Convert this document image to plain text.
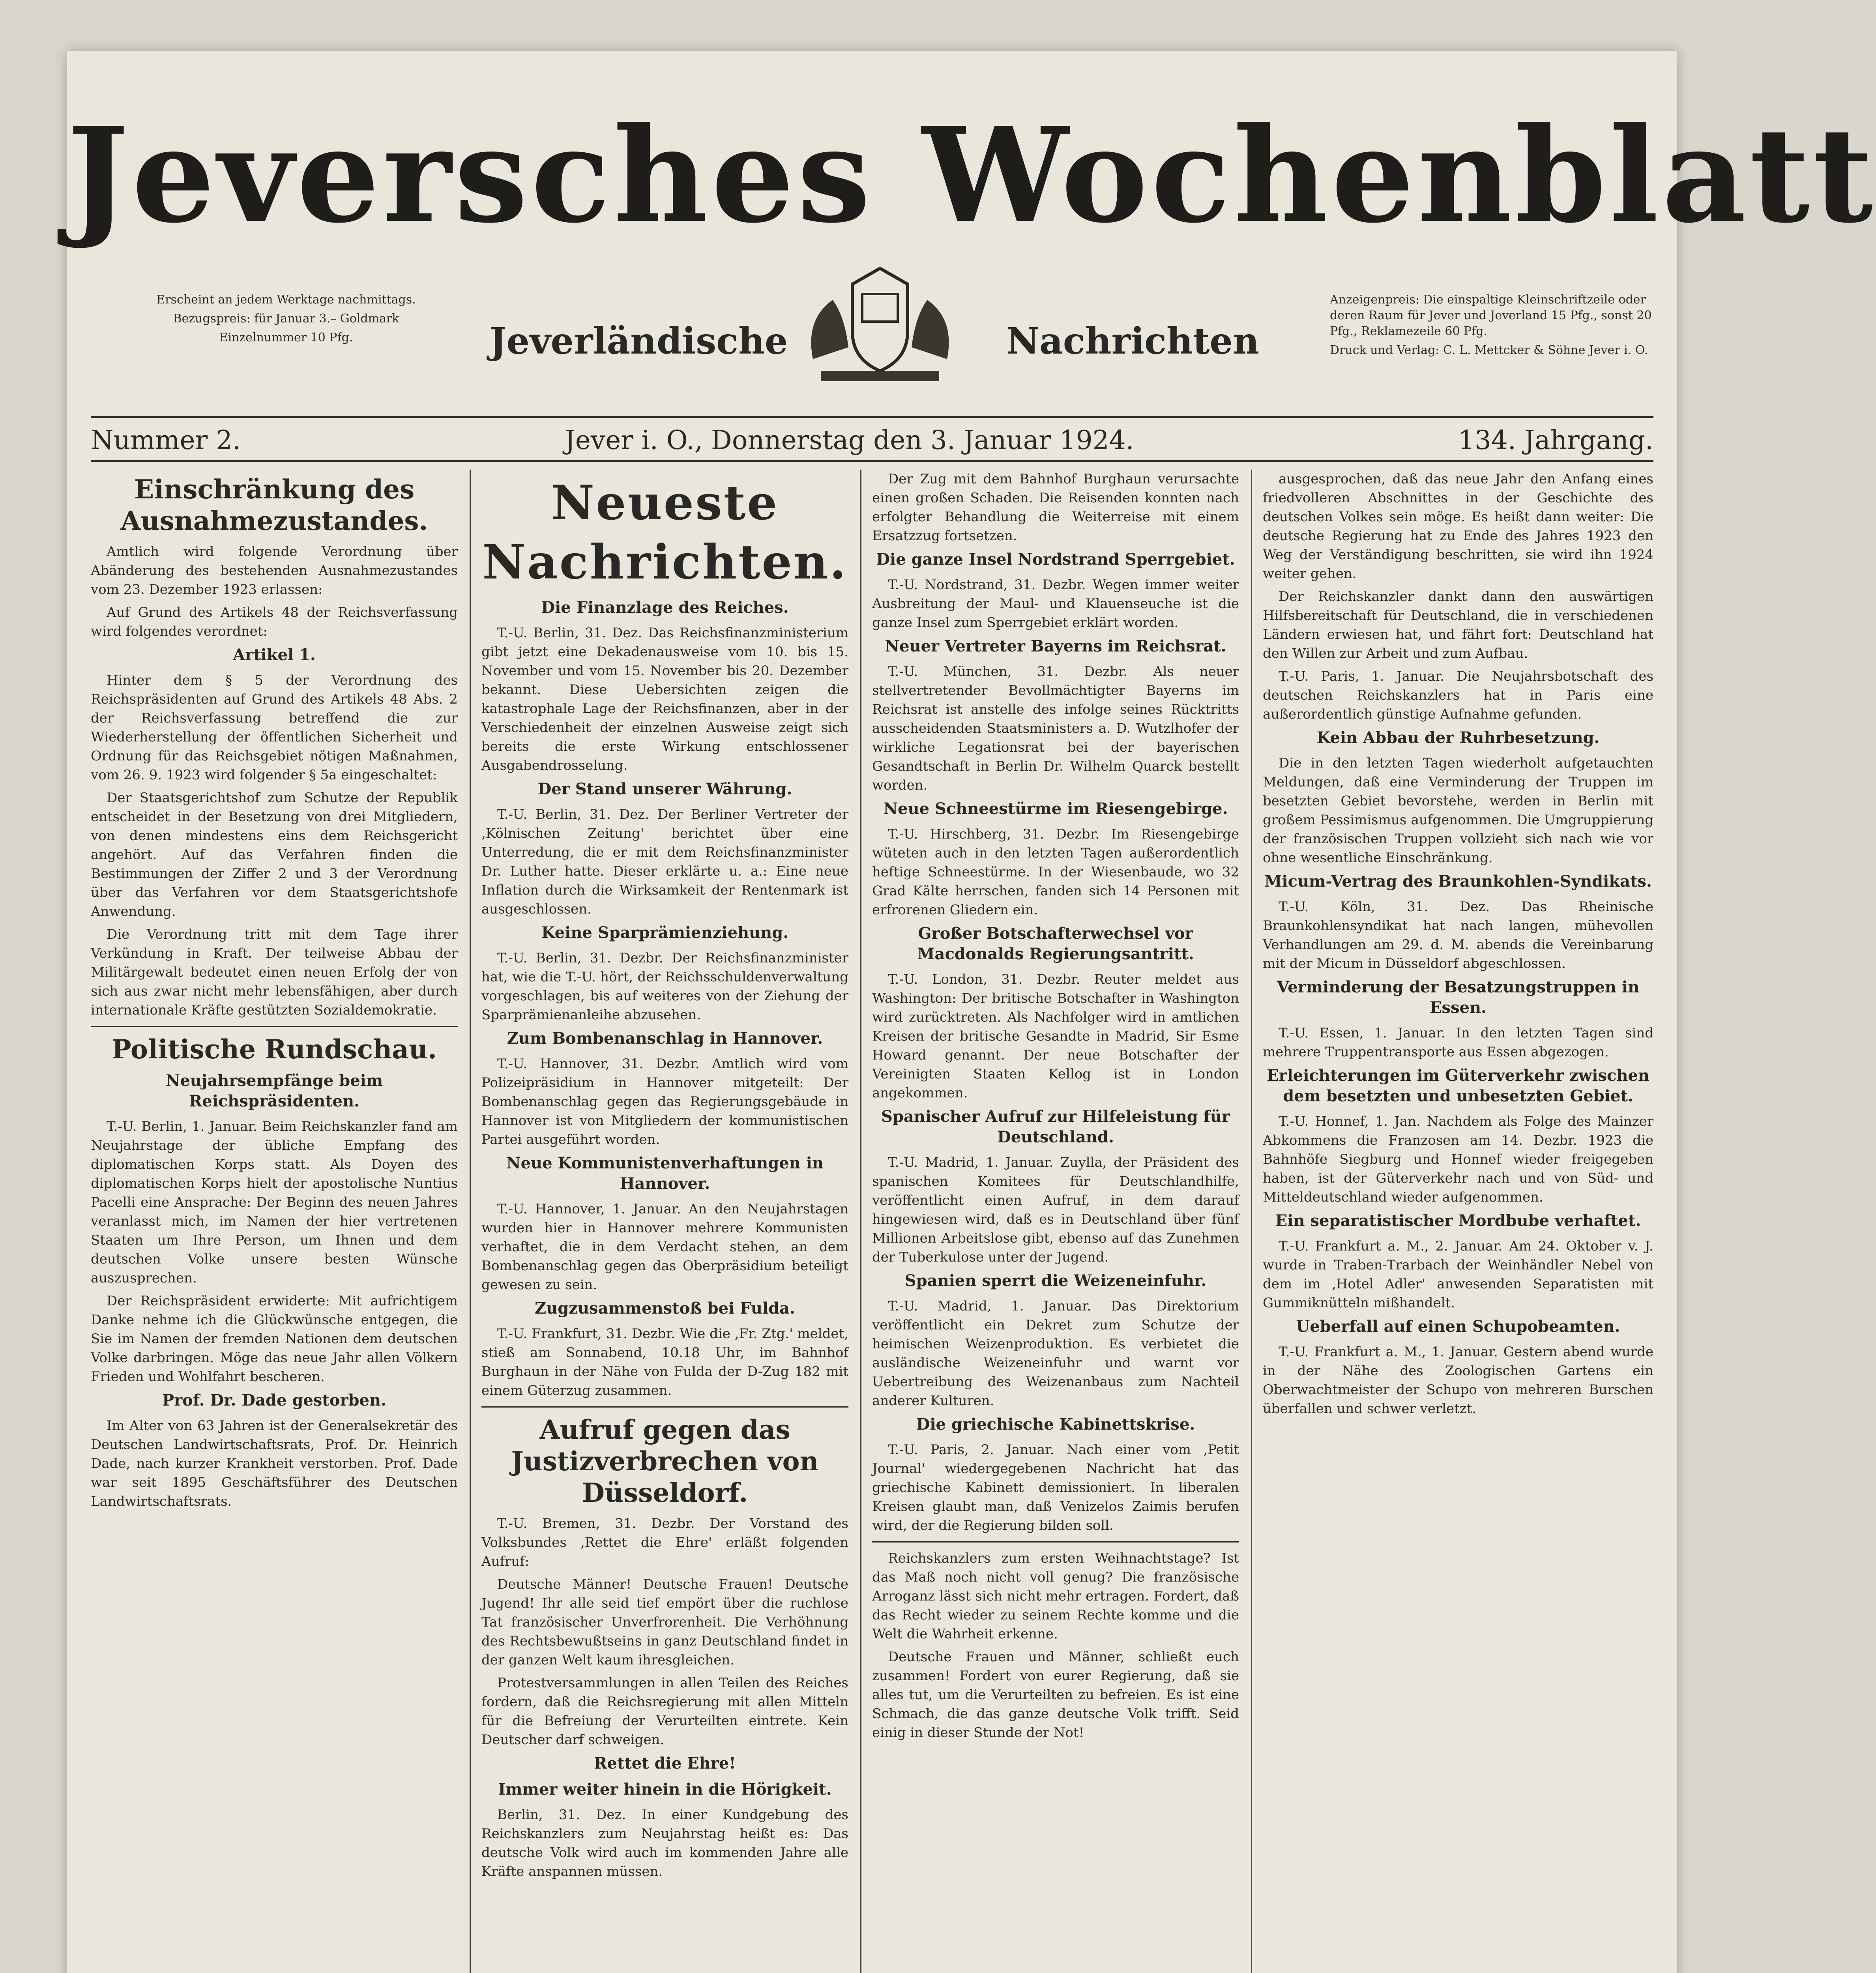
Jeversches Wochenblatt
Jeverländische	Nachrichten

Erscheint an jedem Werktage nachmittags.

Bezugspreis: für Januar 3.– Goldmark

Einzelnummer 10 Pfg.

Anzeigenpreis: Die einspaltige Kleinschriftzeile oder deren Raum für Jever und Jeverland 15 Pfg., sonst 20 Pfg., Reklamezeile 60 Pfg.

Druck und Verlag: C. L. Mettcker & Söhne Jever i. O.

Nummer 2.	Jever i. O., Donnerstag den 3. Januar 1924.	134. Jahrgang.

Einschränkung des Ausnahmezustandes.

Amtlich wird folgende Verordnung über Abänderung des bestehenden Ausnahmezustandes vom 23. Dezember 1923 erlassen:

Auf Grund des Artikels 48 der Reichsverfassung wird folgendes verordnet:

Artikel 1.

Hinter dem § 5 der Verordnung des Reichspräsidenten auf Grund des Artikels 48 Abs. 2 der Reichsverfassung betreffend die zur Wiederherstellung der öffentlichen Sicherheit und Ordnung für das Reichsgebiet nötigen Maßnahmen, vom 26. 9. 1923 wird folgender § 5a eingeschaltet:

Der Staatsgerichtshof zum Schutze der Republik entscheidet in der Besetzung von drei Mitgliedern, von denen mindestens eins dem Reichsgericht angehört. Auf das Verfahren finden die Bestimmungen der Ziffer 2 und 3 der Verordnung über das Verfahren vor dem Staatsgerichtshofe Anwendung.

Die Verordnung tritt mit dem Tage ihrer Verkündung in Kraft. Der teilweise Abbau der Militärgewalt bedeutet einen neuen Erfolg der von sich aus zwar nicht mehr lebensfähigen, aber durch internationale Kräfte gestützten Sozialdemokratie.

Politische Rundschau.

Neujahrsempfänge beim Reichspräsidenten.

T.-U. Berlin, 1. Januar. Beim Reichskanzler fand am Neujahrstage der übliche Empfang des diplomatischen Korps statt. Als Doyen des diplomatischen Korps hielt der apostolische Nuntius Pacelli eine Ansprache: Der Beginn des neuen Jahres veranlasst mich, im Namen der hier vertretenen Staaten um Ihre Person, um Ihnen und dem deutschen Volke unsere besten Wünsche auszusprechen.

Der Reichspräsident erwiderte: Mit aufrichtigem Danke nehme ich die Glückwünsche entgegen, die Sie im Namen der fremden Nationen dem deutschen Volke darbringen. Möge das neue Jahr allen Völkern Frieden und Wohlfahrt bescheren.

Prof. Dr. Dade gestorben.

Im Alter von 63 Jahren ist der Generalsekretär des Deutschen Landwirtschaftsrats, Prof. Dr. Heinrich Dade, nach kurzer Krankheit verstorben. Prof. Dade war seit 1895 Geschäftsführer des Deutschen Landwirtschaftsrats.

Neueste Nachrichten.

Die Finanzlage des Reiches.

T.-U. Berlin, 31. Dez. Das Reichsfinanzministerium gibt jetzt eine Dekadenausweise vom 10. bis 15. November und vom 15. November bis 20. Dezember bekannt. Diese Uebersichten zeigen die katastrophale Lage der Reichsfinanzen, aber in der Verschiedenheit der einzelnen Ausweise zeigt sich bereits die erste Wirkung entschlossener Ausgabendrosselung.

Der Stand unserer Währung.

T.-U. Berlin, 31. Dez. Der Berliner Vertreter der ‚Kölnischen Zeitung' berichtet über eine Unterredung, die er mit dem Reichsfinanzminister Dr. Luther hatte. Dieser erklärte u. a.: Eine neue Inflation durch die Wirksamkeit der Rentenmark ist ausgeschlossen.

Keine Sparprämienziehung.

T.-U. Berlin, 31. Dezbr. Der Reichsfinanzminister hat, wie die T.-U. hört, der Reichsschuldenverwaltung vorgeschlagen, bis auf weiteres von der Ziehung der Sparprämienanleihe abzusehen.

Zum Bombenanschlag in Hannover.

T.-U. Hannover, 31. Dezbr. Amtlich wird vom Polizeipräsidium in Hannover mitgeteilt: Der Bombenanschlag gegen das Regierungsgebäude in Hannover ist von Mitgliedern der kommunistischen Partei ausgeführt worden.

Neue Kommunistenverhaftungen in Hannover.

T.-U. Hannover, 1. Januar. An den Neujahrstagen wurden hier in Hannover mehrere Kommunisten verhaftet, die in dem Verdacht stehen, an dem Bombenanschlag gegen das Oberpräsidium beteiligt gewesen zu sein.

Zugzusammenstoß bei Fulda.

T.-U. Frankfurt, 31. Dezbr. Wie die ‚Fr. Ztg.' meldet, stieß am Sonnabend, 10.18 Uhr, im Bahnhof Burghaun in der Nähe von Fulda der D-Zug 182 mit einem Güterzug zusammen.

Aufruf gegen das Justizverbrechen von Düsseldorf.

T.-U. Bremen, 31. Dezbr. Der Vorstand des Volksbundes ‚Rettet die Ehre' erläßt folgenden Aufruf:

Deutsche Männer! Deutsche Frauen! Deutsche Jugend! Ihr alle seid tief empört über die ruchlose Tat französischer Unverfrorenheit. Die Verhöhnung des Rechtsbewußtseins in ganz Deutschland findet in der ganzen Welt kaum ihresgleichen.

Protestversammlungen in allen Teilen des Reiches fordern, daß die Reichsregierung mit allen Mitteln für die Befreiung der Verurteilten eintrete. Kein Deutscher darf schweigen.

Rettet die Ehre!

Immer weiter hinein in die Hörigkeit.

Berlin, 31. Dez. In einer Kundgebung des Reichskanzlers zum Neujahrstag heißt es: Das deutsche Volk wird auch im kommenden Jahre alle Kräfte anspannen müssen.

Der Zug mit dem Bahnhof Burghaun verursachte einen großen Schaden. Die Reisenden konnten nach erfolgter Behandlung die Weiterreise mit einem Ersatzzug fortsetzen.

Die ganze Insel Nordstrand Sperrgebiet.

T.-U. Nordstrand, 31. Dezbr. Wegen immer weiter Ausbreitung der Maul- und Klauenseuche ist die ganze Insel zum Sperrgebiet erklärt worden.

Neuer Vertreter Bayerns im Reichsrat.

T.-U. München, 31. Dezbr. Als neuer stellvertretender Bevollmächtigter Bayerns im Reichsrat ist anstelle des infolge seines Rücktritts ausscheidenden Staatsministers a. D. Wutzlhofer der wirkliche Legationsrat bei der bayerischen Gesandtschaft in Berlin Dr. Wilhelm Quarck bestellt worden.

Neue Schneestürme im Riesengebirge.

T.-U. Hirschberg, 31. Dezbr. Im Riesengebirge wüteten auch in den letzten Tagen außerordentlich heftige Schneestürme. In der Wiesenbaude, wo 32 Grad Kälte herrschen, fanden sich 14 Personen mit erfrorenen Gliedern ein.

Großer Botschafterwechsel vor Macdonalds Regierungsantritt.

T.-U. London, 31. Dezbr. Reuter meldet aus Washington: Der britische Botschafter in Washington wird zurücktreten. Als Nachfolger wird in amtlichen Kreisen der britische Gesandte in Madrid, Sir Esme Howard genannt. Der neue Botschafter der Vereinigten Staaten Kellog ist in London angekommen.

Spanischer Aufruf zur Hilfeleistung für Deutschland.

T.-U. Madrid, 1. Januar. Zuylla, der Präsident des spanischen Komitees für Deutschlandhilfe, veröffentlicht einen Aufruf, in dem darauf hingewiesen wird, daß es in Deutschland über fünf Millionen Arbeitslose gibt, ebenso auf das Zunehmen der Tuberkulose unter der Jugend.

Spanien sperrt die Weizeneinfuhr.

T.-U. Madrid, 1. Januar. Das Direktorium veröffentlicht ein Dekret zum Schutze der heimischen Weizenproduktion. Es verbietet die ausländische Weizeneinfuhr und warnt vor Uebertreibung des Weizenanbaus zum Nachteil anderer Kulturen.

Die griechische Kabinettskrise.

T.-U. Paris, 2. Januar. Nach einer vom ‚Petit Journal' wiedergegebenen Nachricht hat das griechische Kabinett demissioniert. In liberalen Kreisen glaubt man, daß Venizelos Zaimis berufen wird, der die Regierung bilden soll.

Reichskanzlers zum ersten Weihnachtstage? Ist das Maß noch nicht voll genug? Die französische Arroganz lässt sich nicht mehr ertragen. Fordert, daß das Recht wieder zu seinem Rechte komme und die Welt die Wahrheit erkenne.

Deutsche Frauen und Männer, schließt euch zusammen! Fordert von eurer Regierung, daß sie alles tut, um die Verurteilten zu befreien. Es ist eine Schmach, die das ganze deutsche Volk trifft. Seid einig in dieser Stunde der Not!

ausgesprochen, daß das neue Jahr den Anfang eines friedvolleren Abschnittes in der Geschichte des deutschen Volkes sein möge. Es heißt dann weiter: Die deutsche Regierung hat zu Ende des Jahres 1923 den Weg der Verständigung beschritten, sie wird ihn 1924 weiter gehen.

Der Reichskanzler dankt dann den auswärtigen Hilfsbereitschaft für Deutschland, die in verschiedenen Ländern erwiesen hat, und fährt fort: Deutschland hat den Willen zur Arbeit und zum Aufbau.

T.-U. Paris, 1. Januar. Die Neujahrsbotschaft des deutschen Reichskanzlers hat in Paris eine außerordentlich günstige Aufnahme gefunden.

Kein Abbau der Ruhrbesetzung.

Die in den letzten Tagen wiederholt aufgetauchten Meldungen, daß eine Verminderung der Truppen im besetzten Gebiet bevorstehe, werden in Berlin mit großem Pessimismus aufgenommen. Die Umgruppierung der französischen Truppen vollzieht sich nach wie vor ohne wesentliche Einschränkung.

Micum-Vertrag des Braunkohlen-Syndikats.

T.-U. Köln, 31. Dez. Das Rheinische Braunkohlensyndikat hat nach langen, mühevollen Verhandlungen am 29. d. M. abends die Vereinbarung mit der Micum in Düsseldorf abgeschlossen.

Verminderung der Besatzungstruppen in Essen.

T.-U. Essen, 1. Januar. In den letzten Tagen sind mehrere Truppentransporte aus Essen abgezogen.

Erleichterungen im Güterverkehr zwischen dem besetzten und unbesetzten Gebiet.

T.-U. Honnef, 1. Jan. Nachdem als Folge des Mainzer Abkommens die Franzosen am 14. Dezbr. 1923 die Bahnhöfe Siegburg und Honnef wieder freigegeben haben, ist der Güterverkehr nach und von Süd- und Mitteldeutschland wieder aufgenommen.

Ein separatistischer Mordbube verhaftet.

T.-U. Frankfurt a. M., 2. Januar. Am 24. Oktober v. J. wurde in Traben-Trarbach der Weinhändler Nebel von dem im ‚Hotel Adler' anwesenden Separatisten mit Gummiknütteln mißhandelt.

Ueberfall auf einen Schupobeamten.

T.-U. Frankfurt a. M., 1. Januar. Gestern abend wurde in der Nähe des Zoologischen Gartens ein Oberwachtmeister der Schupo von mehreren Burschen überfallen und schwer verletzt.
